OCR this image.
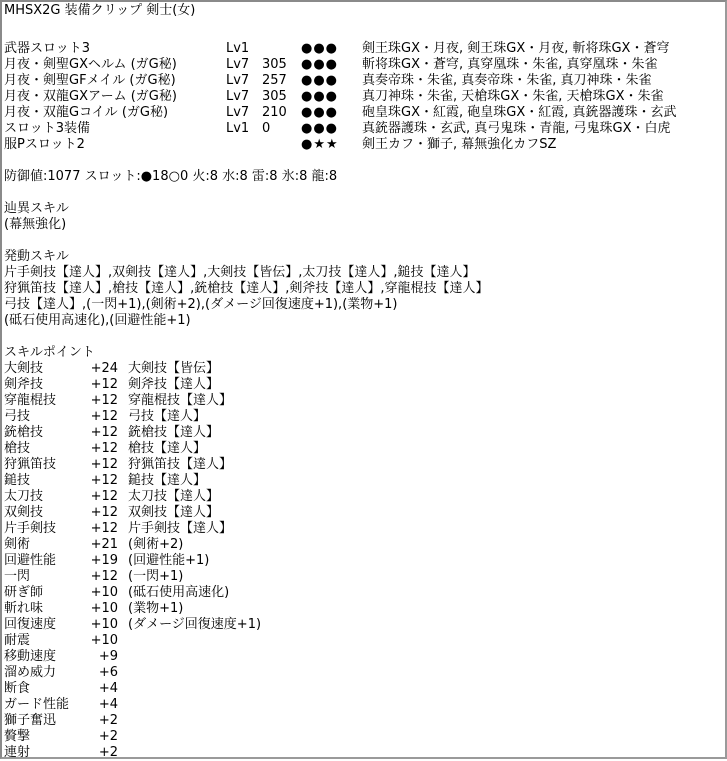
MHSX2G 装備クリップ 剣士(女)
武器スロット3	Lv1	●●● 剣王珠GX・月夜, 剣王珠GX・月夜, 斬将珠GX・蒼穹
月夜・剣聖GXヘルム (ガG秘)	Lv7 305 ●●● 斬将珠GX・蒼穹, 真穿凰珠・朱雀, 真穿凰珠・朱雀
月夜・剣聖GFメイル (ガG秘)	Lv7 257 ●●● 真奏帝珠・朱雀, 真奏帝珠・朱雀, 真刀神珠・朱雀
月夜・双龍GXアーム (ガG秘)	Lv7 305 ●●● 真刀神珠・朱雀, 天槍珠GX・朱雀, 天槍珠GX・朱雀
月夜・双龍Gコイル (ガG秘)	Lv7 210 ●●● 砲皇珠GX・紅霞, 砲皇珠GX・紅霞, 真銃器護珠・玄武
スロット3装備	Lv1 0 ●●● 真銃器護珠・玄武, 真弓鬼珠・青龍, 弓鬼珠GX・白虎
服Pスロット2	●★★ 剣王カフ・獅子, 幕無強化カフSZ
防御値:1077 スロット:●18○0 火:8 水:8 雷:8 氷:8 龍:8
辿異スキル
(幕無強化)
発動スキル
片手剣技【達人】,双剣技【達人】,大剣技【皆伝】,太刀技【達人】,鎚技【達人】
狩猟笛技【達人】,槍技【達人】,銃槍技【達人】,剣斧技【達人】,穿龍棍技【達人】
弓技【達人】,(一閃+1),(剣術+2),(ダメージ回復速度+1),(業物+1)
(砥石使用高速化),(回避性能+1)
スキルポイント
大剣技	+24 大剣技【皆伝】
剣斧技	+12 剣斧技【達人】
穿龍棍技	+12 穿龍棍技【達人】
弓技	+12 弓技【達人】
銃槍技	+12 銃槍技【達人】
槍技	+12 槍技【達人】
狩猟笛技	+12 狩猟笛技【達人】
鎚技	+12 鎚技【達人】
太刀技	+12 太刀技【達人】
双剣技	+12 双剣技【達人】
片手剣技	+12 片手剣技【達人】
剣術	+21 (剣術+2)
回避性能	+19 (回避性能+1)
一閃	+12 (一閃+1)
研ぎ師	+10 (砥石使用高速化)
斬れ味	+10 (業物+1)
回復速度	+10 (ダメージ回復速度+1)
耐震	+10
移動速度	+9
溜め威力	+6
断食	+4
ガード性能	+4
獅子奮迅	+2
贅撃	+2
連射	+2
